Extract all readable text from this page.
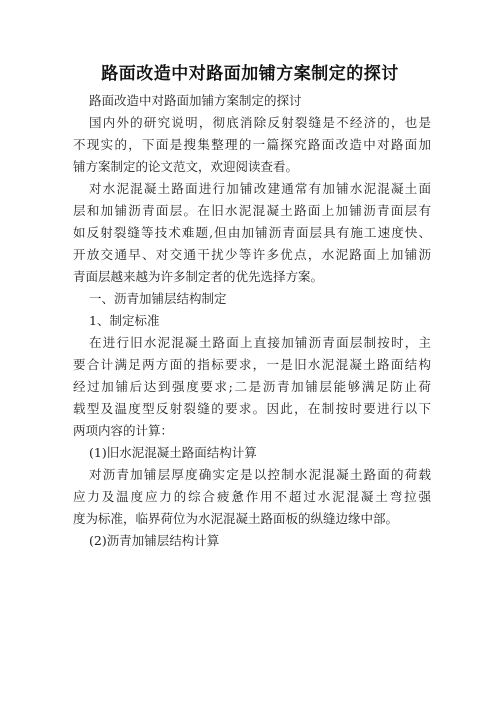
路面改造中对路面加铺方案制定的探讨
路面改造中对路面加铺方案制定的探讨
国内外的研究说明，彻底消除反射裂缝是不经济的，也是
不现实的，下面是搜集整理的一篇探究路面改造中对路面加
铺方案制定的论文范文，欢迎阅读查看。
对水泥混凝土路面进行加铺改建通常有加铺水泥混凝土面
层和加铺沥青面层。在旧水泥混凝土路面上加铺沥青面层有
如反射裂缝等技术难题,但由加铺沥青面层具有施工速度快、
开放交通早、对交通干扰少等许多优点，水泥路面上加铺沥
青面层越来越为许多制定者的优先选择方案。
一、沥青加铺层结构制定
1、制定标准
在进行旧水泥混凝土路面上直接加铺沥青面层制按时，主
要合计满足两方面的指标要求，一是旧水泥混凝土路面结构
经过加铺后达到强度要求;二是沥青加铺层能够满足防止荷
载型及温度型反射裂缝的要求。因此，在制按时要进行以下
两项内容的计算：
(1)旧水泥混凝土路面结构计算
对沥青加铺层厚度确实定是以控制水泥混凝土路面的荷载
应力及温度应力的综合疲惫作用不超过水泥混凝土弯拉强
度为标准，临界荷位为水泥混凝土路面板的纵缝边缘中部。
(2)沥青加铺层结构计算
